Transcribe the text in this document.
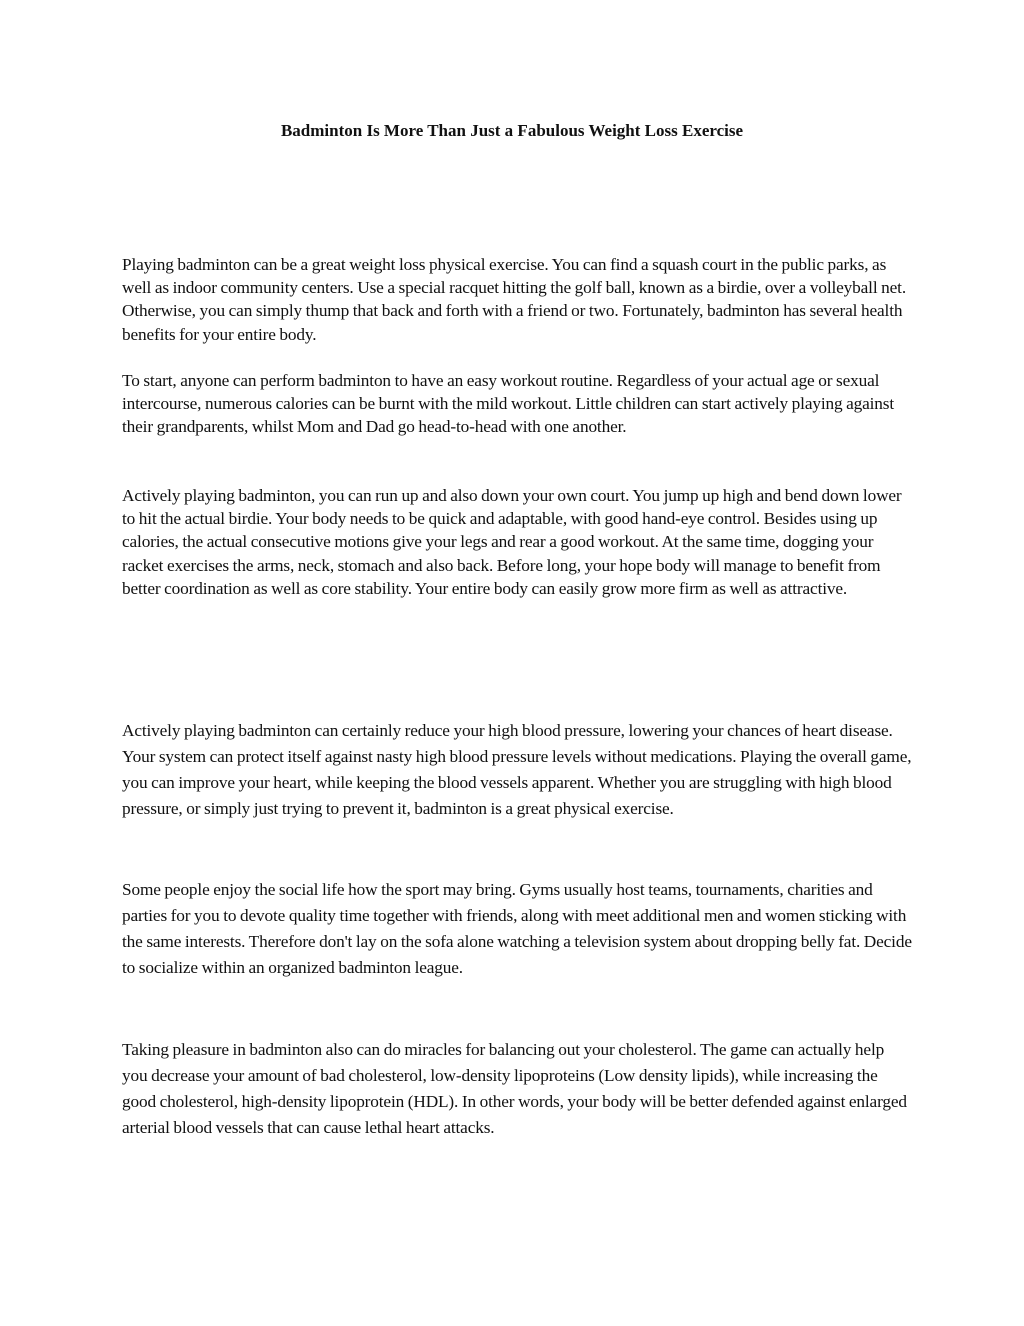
Badminton Is More Than Just a Fabulous Weight Loss Exercise

Playing badminton can be a great weight loss physical exercise. You can find a squash court in the public parks, as well as indoor community centers. Use a special racquet hitting the golf ball, known as a birdie, over a volleyball net. Otherwise, you can simply thump that back and forth with a friend or two. Fortunately, badminton has several health benefits for your entire body.

To start, anyone can perform badminton to have an easy workout routine. Regardless of your actual age or sexual intercourse, numerous calories can be burnt with the mild workout. Little children can start actively playing against their grandparents, whilst Mom and Dad go head-to-head with one another.

Actively playing badminton, you can run up and also down your own court. You jump up high and bend down lower to hit the actual birdie. Your body needs to be quick and adaptable, with good hand-eye control. Besides using up calories, the actual consecutive motions give your legs and rear a good workout. At the same time, dogging your racket exercises the arms, neck, stomach and also back. Before long, your hope body will manage to benefit from better coordination as well as core stability. Your entire body can easily grow more firm as well as attractive.

Actively playing badminton can certainly reduce your high blood pressure, lowering your chances of heart disease. Your system can protect itself against nasty high blood pressure levels without medications. Playing the overall game, you can improve your heart, while keeping the blood vessels apparent. Whether you are struggling with high blood pressure, or simply just trying to prevent it, badminton is a great physical exercise.

Some people enjoy the social life how the sport may bring. Gyms usually host teams, tournaments, charities and parties for you to devote quality time together with friends, along with meet additional men and women sticking with the same interests. Therefore don't lay on the sofa alone watching a television system about dropping belly fat. Decide to socialize within an organized badminton league.

Taking pleasure in badminton also can do miracles for balancing out your cholesterol. The game can actually help you decrease your amount of bad cholesterol, low-density lipoproteins (Low density lipids), while increasing the good cholesterol, high-density lipoprotein (HDL). In other words, your body will be better defended against enlarged arterial blood vessels that can cause lethal heart attacks.
